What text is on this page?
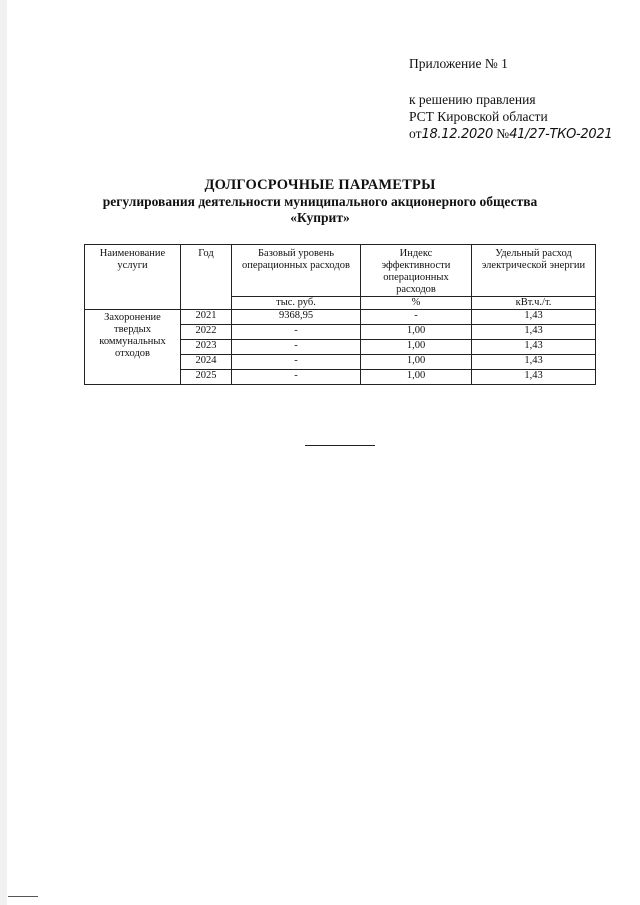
Приложение № 1
к решению правления
РСТ Кировской области
от18.12.2020 №41/27-ТКО-2021
ДОЛГОСРОЧНЫЕ ПАРАМЕТРЫ
регулирования деятельности муниципального акционерного общества
«Куприт»
Наименование услуги	Год	Базовый уровень операционных расходов	Индекс эффективности операционных расходов	Удельный расход электрической энергии
		тыс. руб.	%	кВт.ч./т.
Захоронение твердых коммунальных отходов	2021	9368,95	-	1,43
	2022	-	1,00	1,43
	2023	-	1,00	1,43
	2024	-	1,00	1,43
	2025	-	1,00	1,43
